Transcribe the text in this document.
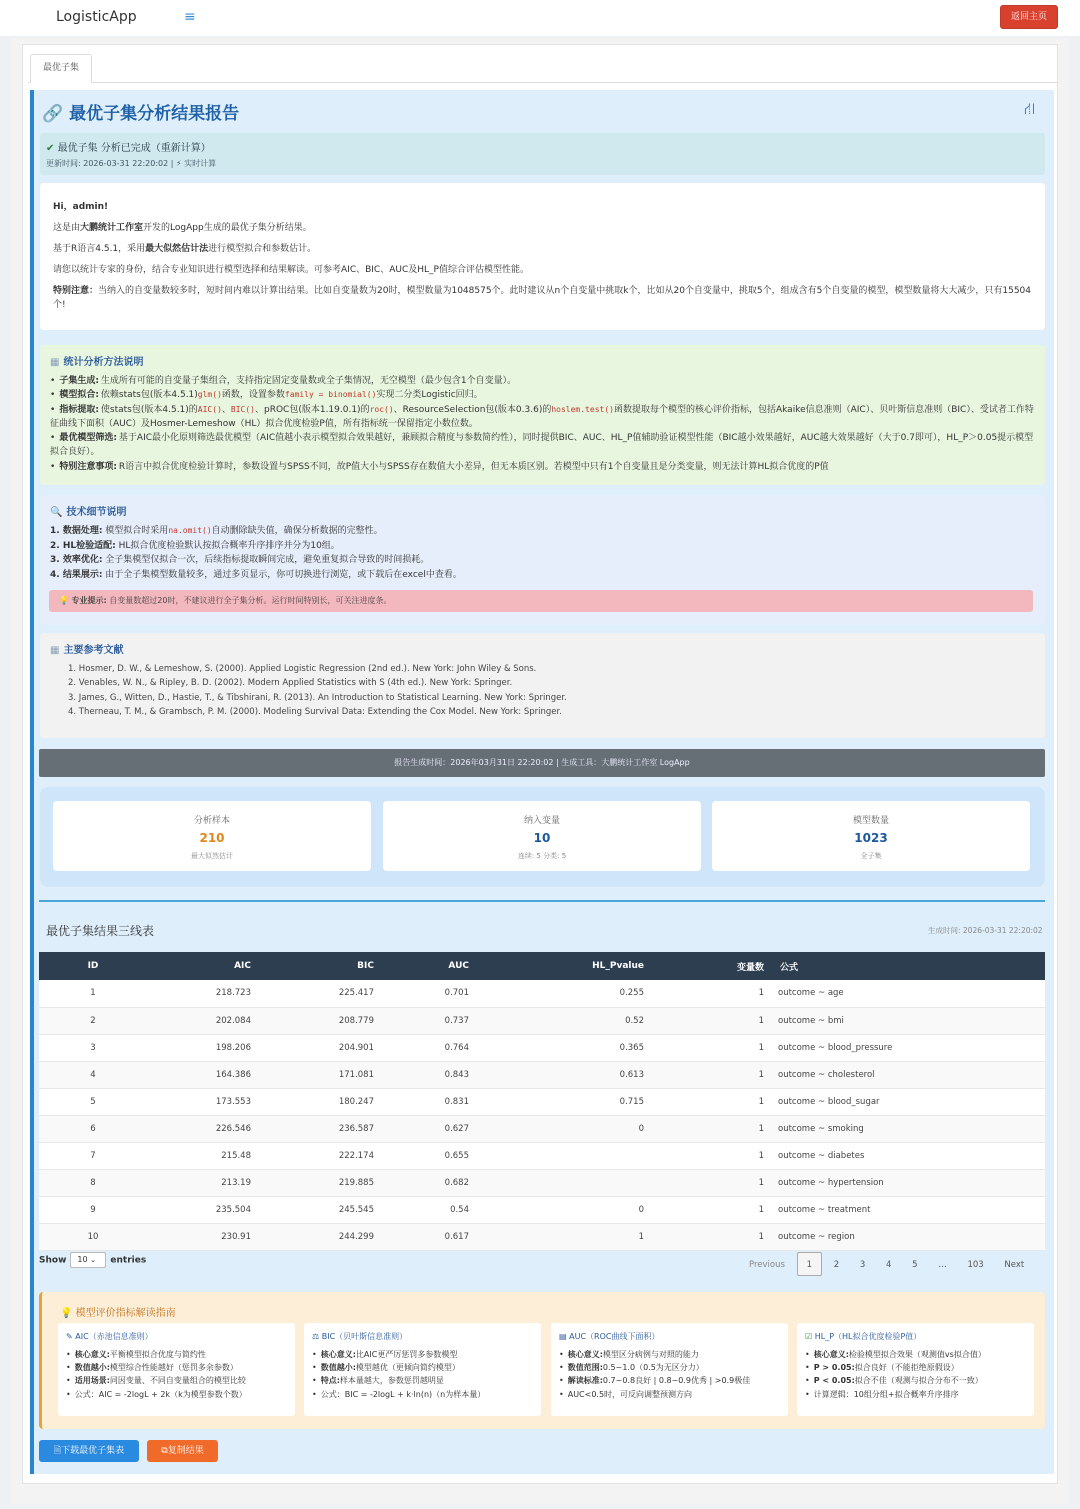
LogisticApp	≡	返回主页
最优子集
🔗 最优子集分析结果报告	⛙
✔ 最优子集 分析已完成（重新计算）
更新时间: 2026-03-31 22:20:02 | ⚡ 实时计算

Hi，admin!

这是由大鹏统计工作室开发的LogApp生成的最优子集分析结果。

基于R语言4.5.1，采用最大似然估计法进行模型拟合和参数估计。

请您以统计专家的身份，结合专业知识进行模型选择和结果解读。可参考AIC、BIC、AUC及HL_P值综合评估模型性能。

特别注意：当纳入的自变量数较多时，短时间内难以计算出结果。比如自变量数为20时，模型数量为1048575个。此时建议从n个自变量中挑取k个，比如从20个自变量中，挑取5个，组成含有5个自变量的模型，模型数量将大大减少，只有15504个!

▦ 统计分析方法说明
• 子集生成: 生成所有可能的自变量子集组合，支持指定固定变量数或全子集情况，无空模型（最少包含1个自变量）。
• 模型拟合: 依赖stats包(版本4.5.1)glm()函数，设置参数family = binomial()实现二分类Logistic回归。
• 指标提取: 使stats包(版本4.5.1)的AIC()、BIC()、pROC包(版本1.19.0.1)的roc()、ResourceSelection包(版本0.3.6)的hoslem.test()函数提取每个模型的核心评价指标，包括Akaike信息准则（AIC）、贝叶斯信息准则（BIC）、受试者工作特征曲线下面积（AUC）及Hosmer-Lemeshow（HL）拟合优度检验P值，所有指标统一保留指定小数位数。
• 最优模型筛选: 基于AIC最小化原则筛选最优模型（AIC值越小表示模型拟合效果越好，兼顾拟合精度与参数简约性），同时提供BIC、AUC、HL_P值辅助验证模型性能（BIC越小效果越好，AUC越大效果越好（大于0.7即可），HL_P＞0.05提示模型拟合良好）。
• 特别注意事项: R语言中拟合优度检验计算时，参数设置与SPSS不同，故P值大小与SPSS存在数值大小差异，但无本质区别。若模型中只有1个自变量且是分类变量，则无法计算HL拟合优度的P值
🔍 技术细节说明
1. 数据处理: 模型拟合时采用na.omit()自动删除缺失值，确保分析数据的完整性。
2. HL检验适配: HL拟合优度检验默认按拟合概率升序排序并分为10组。
3. 效率优化: 全子集模型仅拟合一次，后续指标提取瞬间完成，避免重复拟合导致的时间损耗。
4. 结果展示: 由于全子集模型数量较多，通过多页显示，你可切换进行浏览，或下载后在excel中查看。
💡 专业提示: 自变量数超过20时，不建议进行全子集分析。运行时间特别长，可关注进度条。
▦ 主要参考文献
1. Hosmer, D. W., & Lemeshow, S. (2000). Applied Logistic Regression (2nd ed.). New York: John Wiley & Sons.
2. Venables, W. N., & Ripley, B. D. (2002). Modern Applied Statistics with S (4th ed.). New York: Springer.
3. James, G., Witten, D., Hastie, T., & Tibshirani, R. (2013). An Introduction to Statistical Learning. New York: Springer.
4. Therneau, T. M., & Grambsch, P. M. (2000). Modeling Survival Data: Extending the Cox Model. New York: Springer.
报告生成时间：2026年03月31日 22:20:02 | 生成工具：大鹏统计工作室 LogApp
分析样本
210
最大似然估计
纳入变量
10
连续: 5 分类: 5
模型数量
1023
全子集
最优子集结果三线表	生成时间: 2026-03-31 22:20:02
ID	AIC	BIC	AUC	HL_Pvalue	变量数	公式
1	218.723	225.417	0.701	0.255	1	outcome ~ age
2	202.084	208.779	0.737	0.52	1	outcome ~ bmi
3	198.206	204.901	0.764	0.365	1	outcome ~ blood_pressure
4	164.386	171.081	0.843	0.613	1	outcome ~ cholesterol
5	173.553	180.247	0.831	0.715	1	outcome ~ blood_sugar
6	226.546	236.587	0.627	0	1	outcome ~ smoking
7	215.48	222.174	0.655		1	outcome ~ diabetes
8	213.19	219.885	0.682		1	outcome ~ hypertension
9	235.504	245.545	0.54	0	1	outcome ~ treatment
10	230.91	244.299	0.617	1	1	outcome ~ region
Show 10 ⌄ entries	Previous	1	2 3 4 5 … 103 Next
💡 模型评价指标解读指南
✎ AIC（赤池信息准则）
• 核心意义:平衡模型拟合优度与简约性
• 数值越小:模型综合性能越好（惩罚多余参数）
• 适用场景:同因变量、不同自变量组合的模型比较
• 公式：AIC = -2logL + 2k（k为模型参数个数）
⚖ BIC（贝叶斯信息准则）
• 核心意义:比AIC更严厉惩罚多参数模型
• 数值越小:模型越优（更倾向简约模型）
• 特点:样本量越大，参数惩罚越明显
• 公式：BIC = -2logL + k·ln(n)（n为样本量）
▤ AUC（ROC曲线下面积）
• 核心意义:模型区分病例与对照的能力
• 数值范围:0.5~1.0（0.5为无区分力）
• 解读标准:0.7~0.8良好 | 0.8~0.9优秀 | >0.9极佳
• AUC<0.5时，可反向调整预测方向
☑ HL_P（HL拟合优度检验P值）
• 核心意义:检验模型拟合效果（观测值vs拟合值）
• P > 0.05:拟合良好（不能拒绝原假设）
• P < 0.05:拟合不佳（观测与拟合分布不一致）
• 计算逻辑：10组分组+拟合概率升序排序
🗎下载最优子集表	⧉复制结果
